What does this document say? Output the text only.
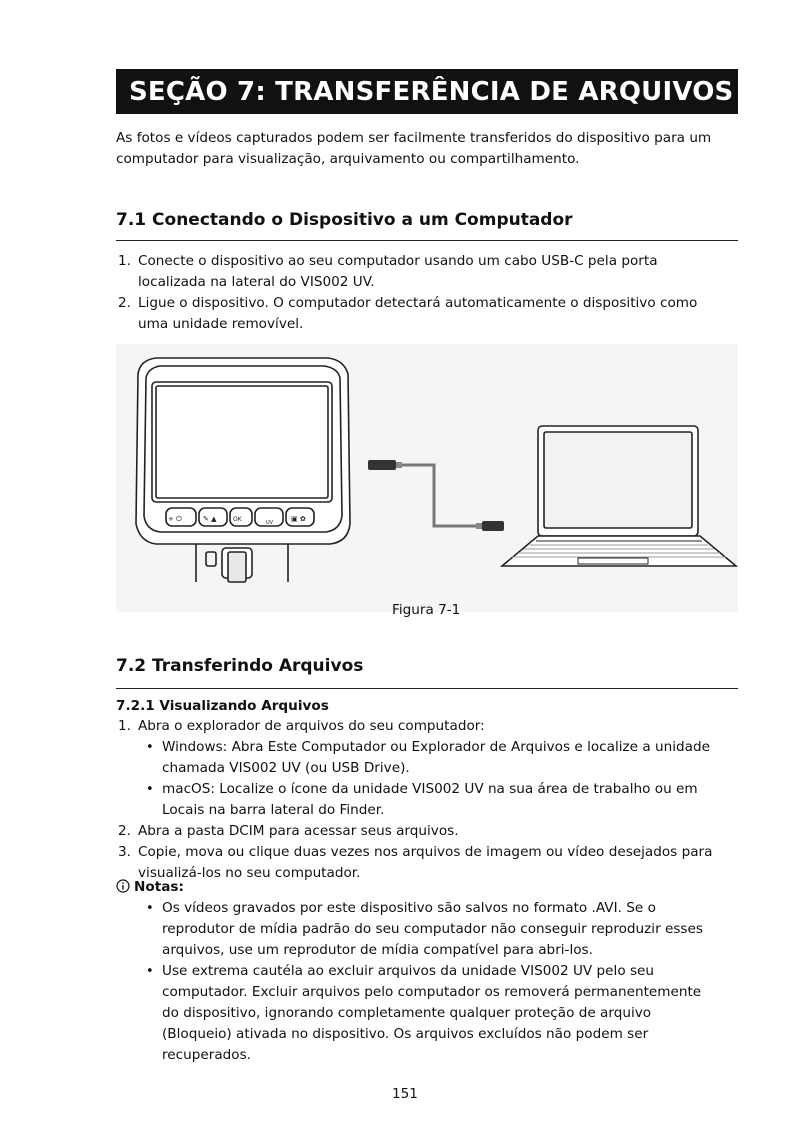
SEÇÃO 7: TRANSFERÊNCIA DE ARQUIVOS
As fotos e vídeos capturados podem ser facilmente transferidos do dispositivo para um
computador para visualização, arquivamento ou compartilhamento.
7.1 Conectando o Dispositivo a um Computador
1. Conecte o dispositivo ao seu computador usando um cabo USB-C pela porta
localizada na lateral do VIS002 UV.
2. Ligue o dispositivo. O computador detectará automaticamente o dispositivo como
uma unidade removível.
+ ⏻	✎ ▲	OK	UV	▣ ✿
Figura 7-1
7.2 Transferindo Arquivos
7.2.1 Visualizando Arquivos
1. Abra o explorador de arquivos do seu computador:
• Windows: Abra Este Computador ou Explorador de Arquivos e localize a unidade
chamada VIS002 UV (ou USB Drive).
• macOS: Localize o ícone da unidade VIS002 UV na sua área de trabalho ou em
Locais na barra lateral do Finder.
2. Abra a pasta DCIM para acessar seus arquivos.
3. Copie, mova ou clique duas vezes nos arquivos de imagem ou vídeo desejados para
visualizá-los no seu computador.
Notas:
• Os vídeos gravados por este dispositivo são salvos no formato .AVI. Se o
reprodutor de mídia padrão do seu computador não conseguir reproduzir esses
arquivos, use um reprodutor de mídia compatível para abri-los.
• Use extrema cautéla ao excluir arquivos da unidade VIS002 UV pelo seu
computador. Excluir arquivos pelo computador os removerá permanentemente
do dispositivo, ignorando completamente qualquer proteção de arquivo
(Bloqueio) ativada no dispositivo. Os arquivos excluídos não podem ser
recuperados.
151
